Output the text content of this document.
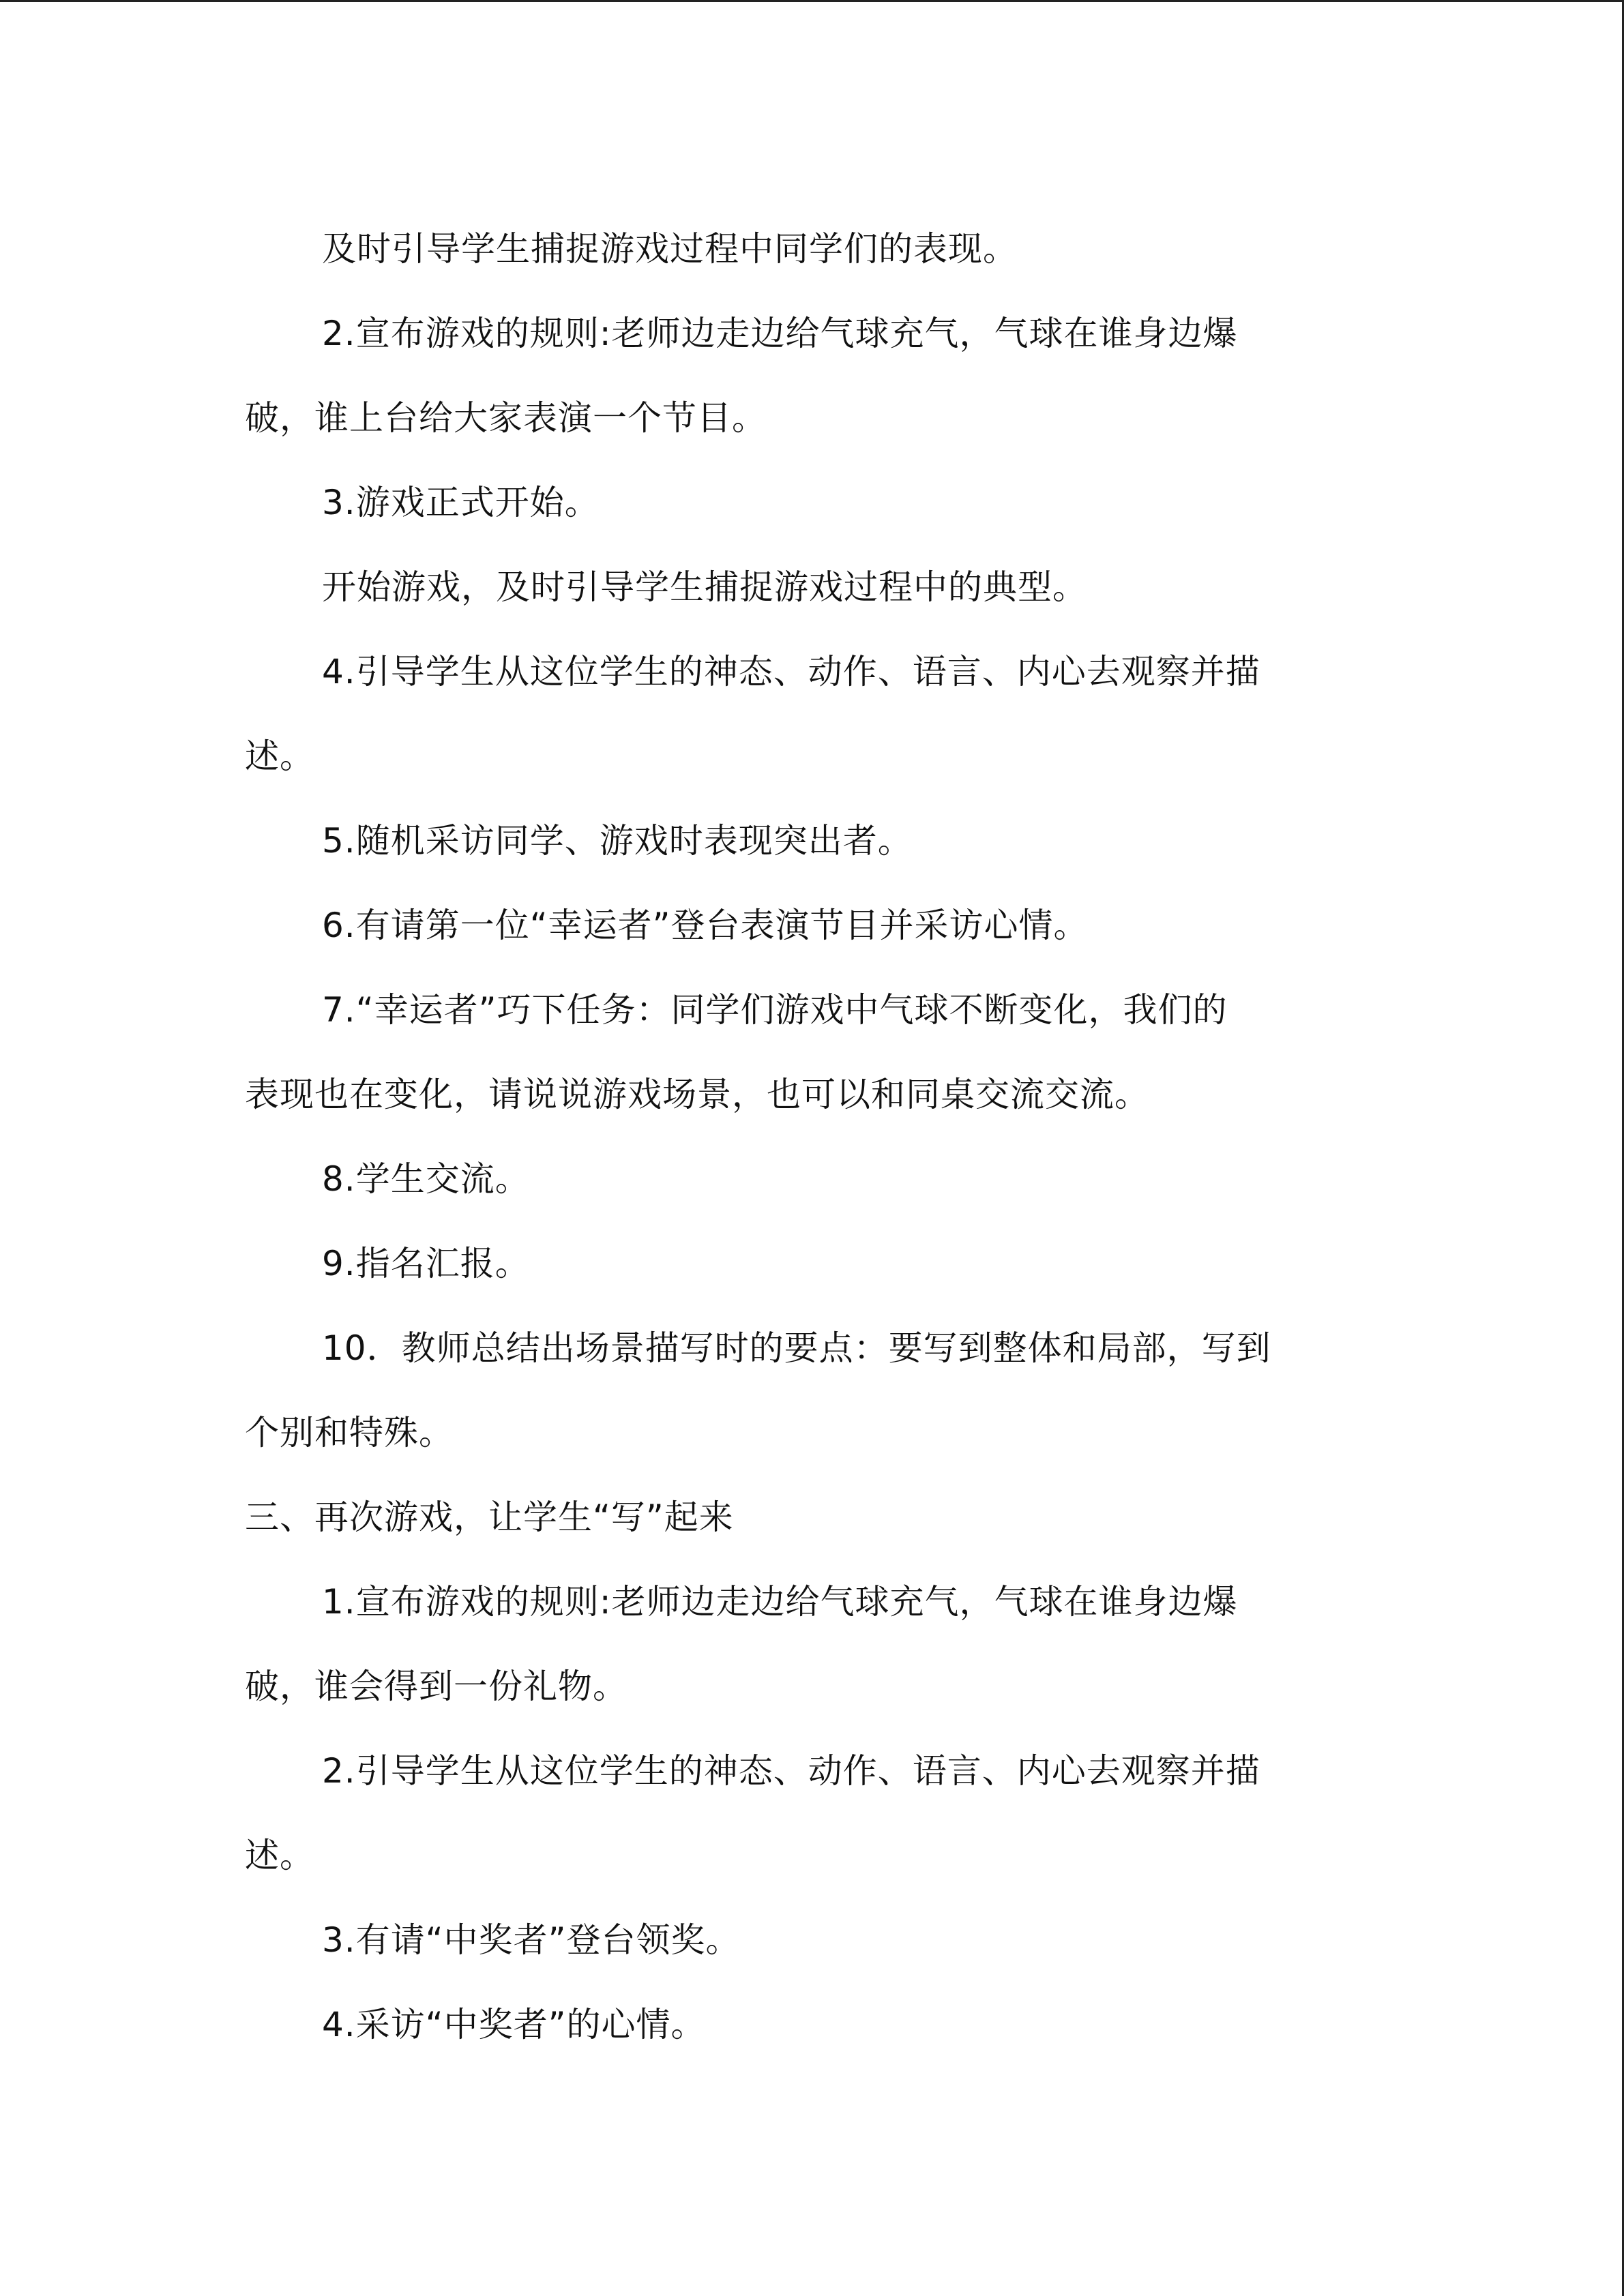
及时引导学生捕捉游戏过程中同学们的表现。
2.宣布游戏的规则:老师边走边给气球充气，气球在谁身边爆
破，谁上台给大家表演一个节目。
3.游戏正式开始。
开始游戏，及时引导学生捕捉游戏过程中的典型。
4.引导学生从这位学生的神态、动作、语言、内心去观察并描
述。
5.随机采访同学、游戏时表现突出者。
6.有请第一位“幸运者”登台表演节目并采访心情。
7.“幸运者”巧下任务：同学们游戏中气球不断变化，我们的
表现也在变化，请说说游戏场景，也可以和同桌交流交流。
8.学生交流。
9.指名汇报。
10．教师总结出场景描写时的要点：要写到整体和局部，写到
个别和特殊。
三、再次游戏，让学生“写”起来
1.宣布游戏的规则:老师边走边给气球充气，气球在谁身边爆
破，谁会得到一份礼物。
2.引导学生从这位学生的神态、动作、语言、内心去观察并描
述。
3.有请“中奖者”登台领奖。
4.采访“中奖者”的心情。
